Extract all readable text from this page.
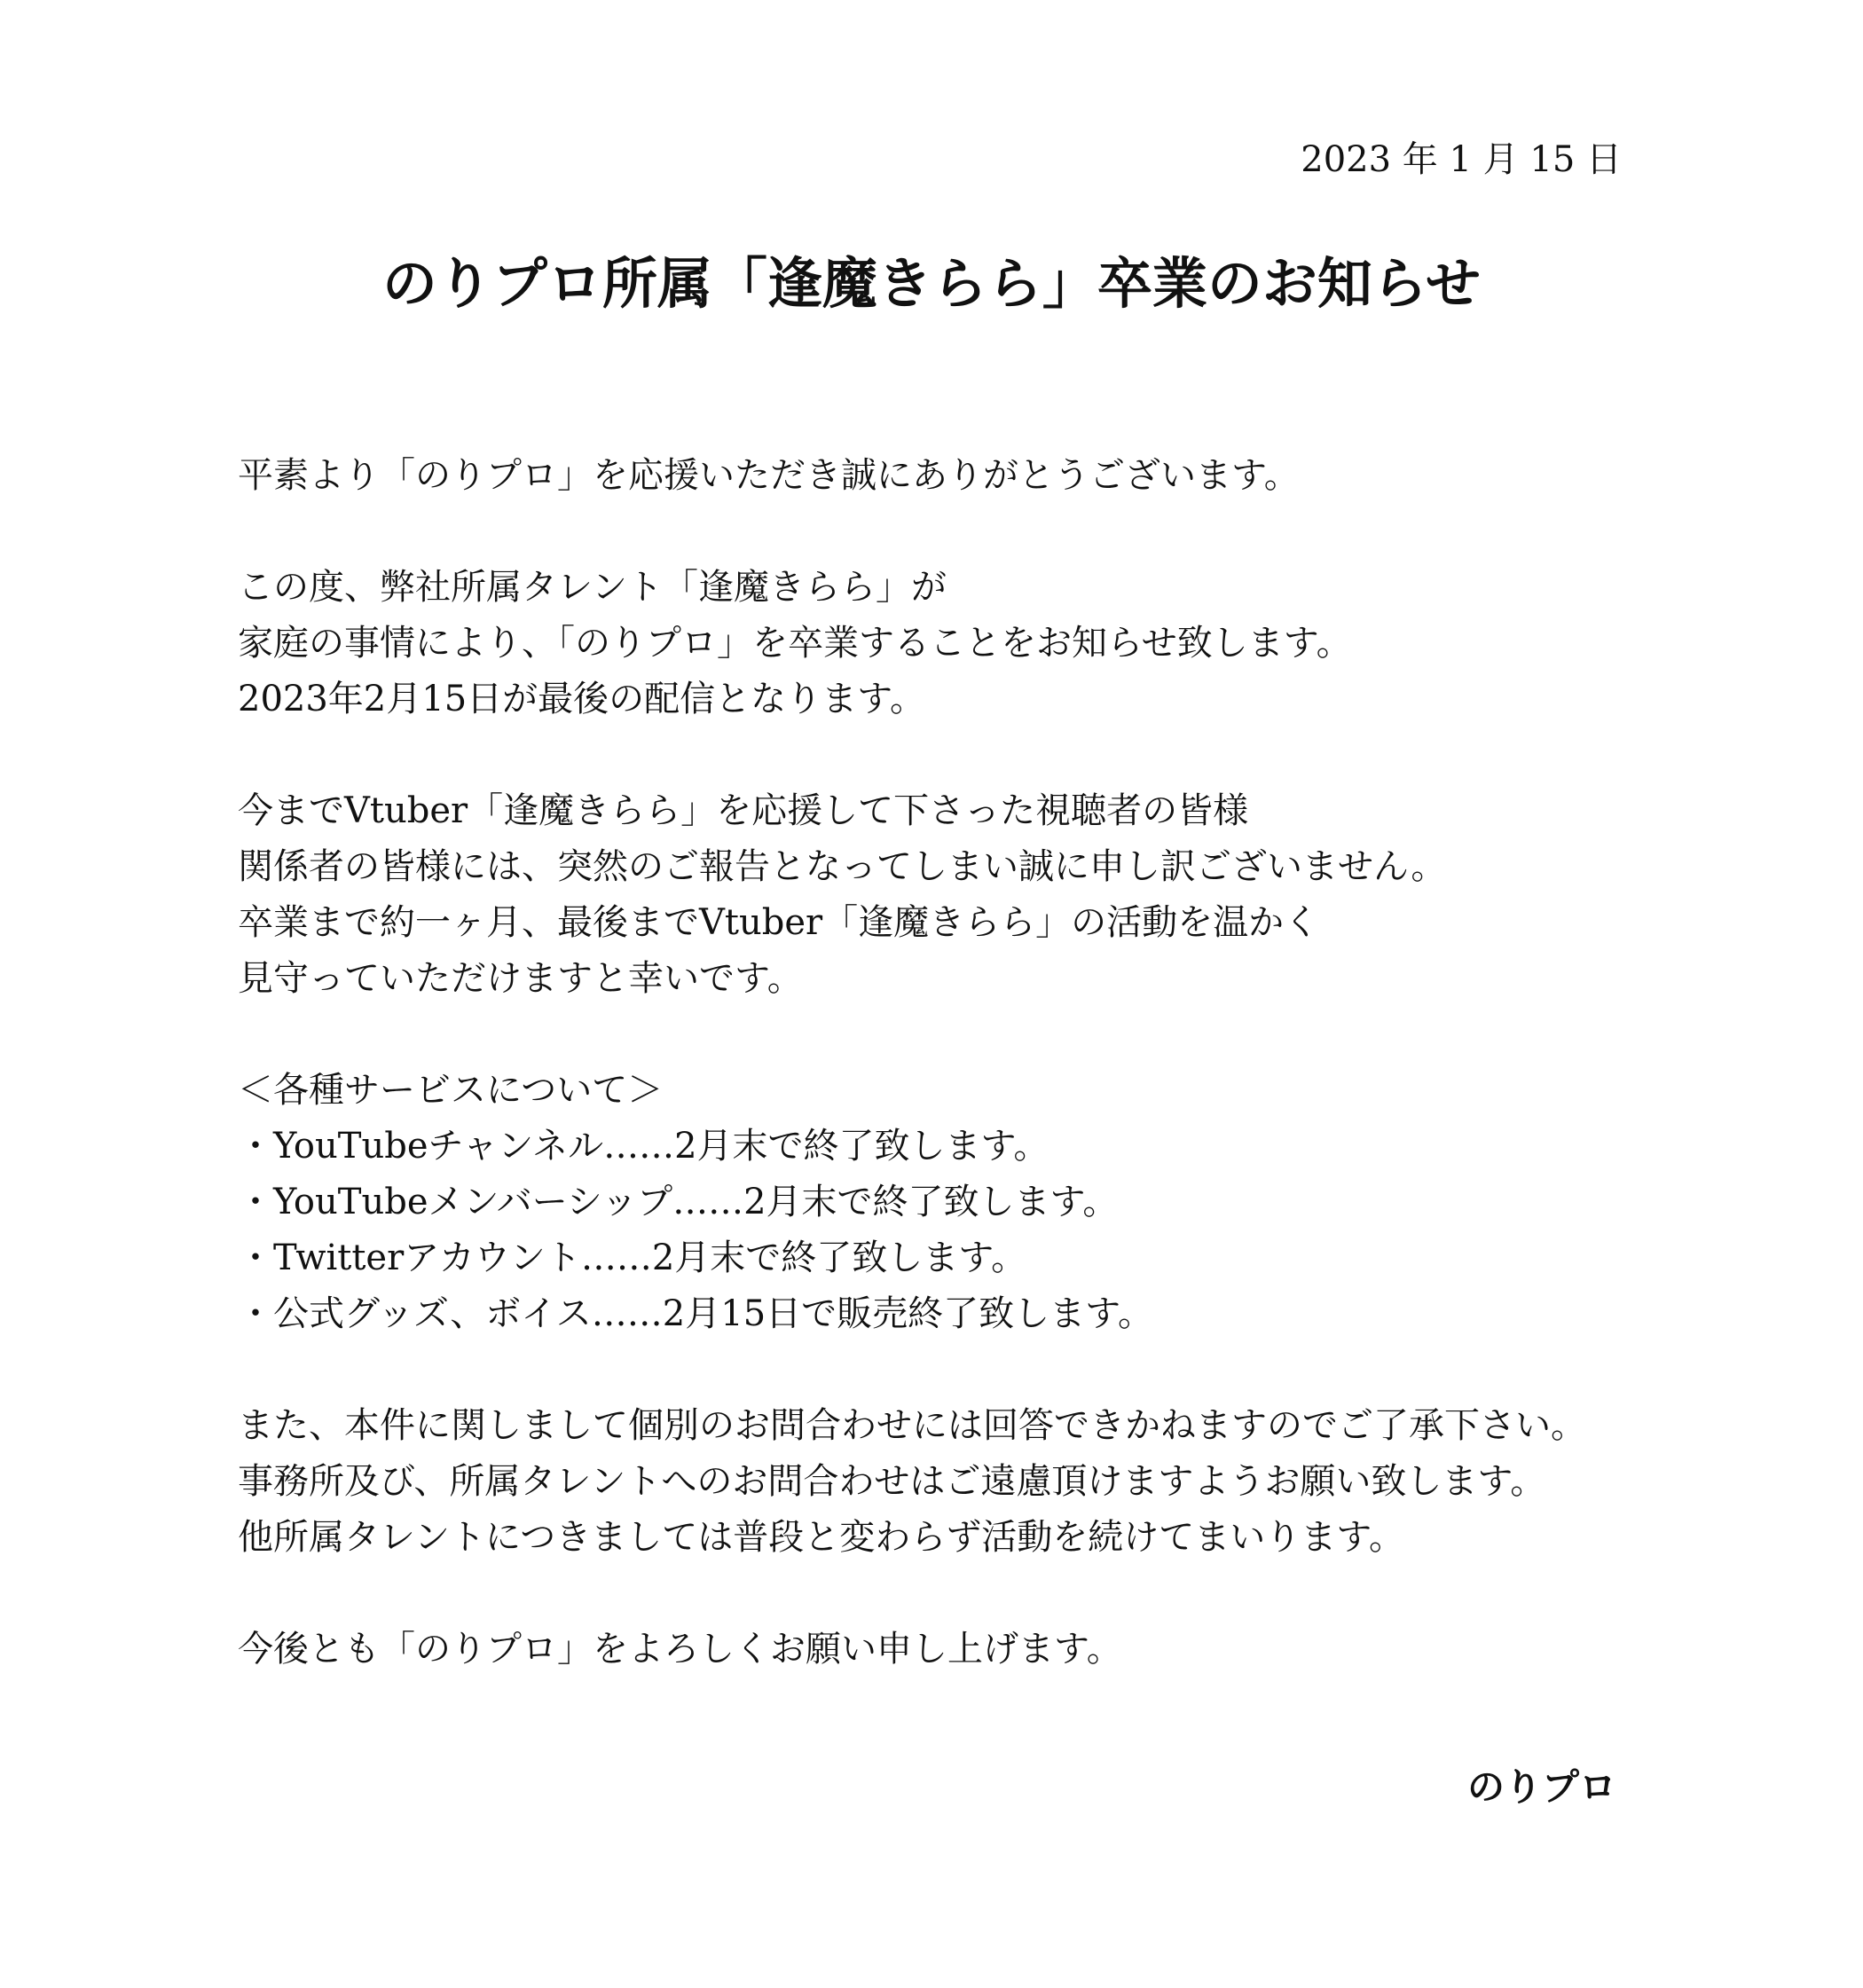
2023 年 1 月 15 日
のりプロ所属「逢魔きらら」卒業のお知らせ
平素より「のりプロ」を応援いただき誠にありがとうございます。
この度、弊社所属タレント「逢魔きらら」が
家庭の事情により、「のりプロ」を卒業することをお知らせ致します。
2023年2月15日が最後の配信となります。
今までVtuber「逢魔きらら」を応援して下さった視聴者の皆様
関係者の皆様には、突然のご報告となってしまい誠に申し訳ございません。
卒業まで約一ヶ月、最後までVtuber「逢魔きらら」の活動を温かく
見守っていただけますと幸いです。
＜各種サービスについて＞
・YouTubeチャンネル……2月末で終了致します。
・YouTubeメンバーシップ……2月末で終了致します。
・Twitterアカウント……2月末で終了致します。
・公式グッズ、ボイス……2月15日で販売終了致します。
また、本件に関しまして個別のお問合わせには回答できかねますのでご了承下さい。
事務所及び、所属タレントへのお問合わせはご遠慮頂けますようお願い致します。
他所属タレントにつきましては普段と変わらず活動を続けてまいります。
今後とも「のりプロ」をよろしくお願い申し上げます。
のりプロ
